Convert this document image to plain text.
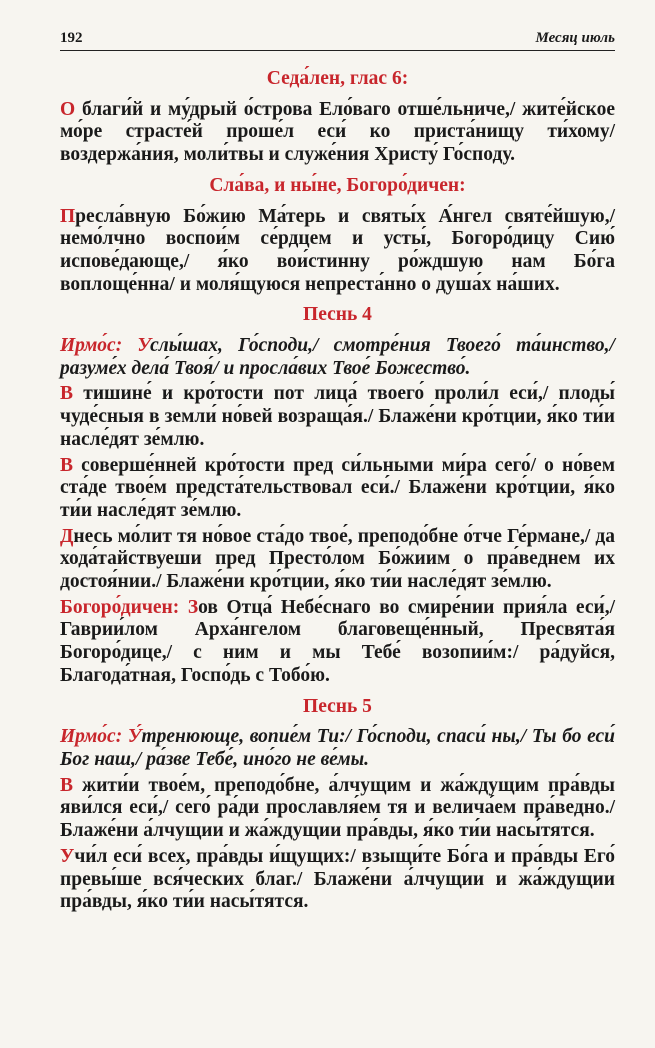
192	Месяц июль
Седа́лен, глас 6:
О благи́й и му́дрый о́строва Ело́ваго отше́льниче,/ жите́йское мо́ре страсте́й проше́л еси́ ко приста́нищу ти́хому/ воздержа́ния, моли́твы и служе́ния Христу́ Го́споду.
Сла́ва, и ны́не, Богоро́дичен:
Пресла́вную Бо́жию Ма́терь и святы́х А́нгел святе́йшую,/ немо́лчно воспои́м се́рдцем и усты́, Богоро́дицу Сию́ испове́дающе,/ я́ко вои́стинну ро́ждшую нам Бо́га воплоще́нна/ и моля́щуюся непреста́нно о душа́х на́ших.
Песнь 4
Ирмо́с: Услы́шах, Го́споди,/ смотре́ния Твоего́ та́инство,/ разуме́х дела́ Твоя́/ и просла́вих Твое́ Божество́.
В тишине́ и кро́тости пот лица́ твоего́ проли́л еси́,/ плоды́ чуде́сныя в земли́ но́вей возраща́я./ Блаже́ни кро́тции, я́ко ти́и насле́дят зе́млю.
В соверше́нней кро́тости пред си́льными ми́ра сего́/ о но́вем ста́де твое́м предста́тельствовал еси́./ Блаже́ни кро́тции, я́ко ти́и насле́дят зе́млю.
Днесь мо́лит тя но́вое ста́до твое́, преподо́бне о́тче Ге́рмане,/ да хода́тайствуеши пред Престо́лом Бо́жиим о пра́веднем их достоя́нии./ Блаже́ни кро́тции, я́ко ти́и насле́дят зе́млю.
Богоро́дичен: Зов Отца́ Небе́снаго во смире́нии прия́ла еси́,/ Гаврии́лом Арха́нгелом благовеще́нный, Пресвята́я Богоро́дице,/ с ним и мы Тебе́ возопии́м:/ ра́дуйся, Благода́тная, Госпо́дь с Тобо́ю.
Песнь 5
Ирмо́с: У́тренююще, вопие́м Ти:/ Го́споди, спаси́ ны,/ Ты бо еси́ Бог наш,/ ра́зве Тебе́, ино́го не ве́мы.
В жити́и твое́м, преподо́бне, а́лчущим и жа́ждущим пра́вды яви́лся еси́,/ сего́ ра́ди прославля́ем тя и велича́ем пра́ведно./ Блаже́ни а́лчущии и жа́ждущии пра́вды, я́ко ти́и насы́тятся.
Учи́л еси́ всех, пра́вды и́щущих:/ взыщи́те Бо́га и пра́вды Его́ превы́ше вся́ческих благ./ Блаже́ни а́лчущии и жа́ждущии пра́вды, я́ко ти́и насы́тятся.
